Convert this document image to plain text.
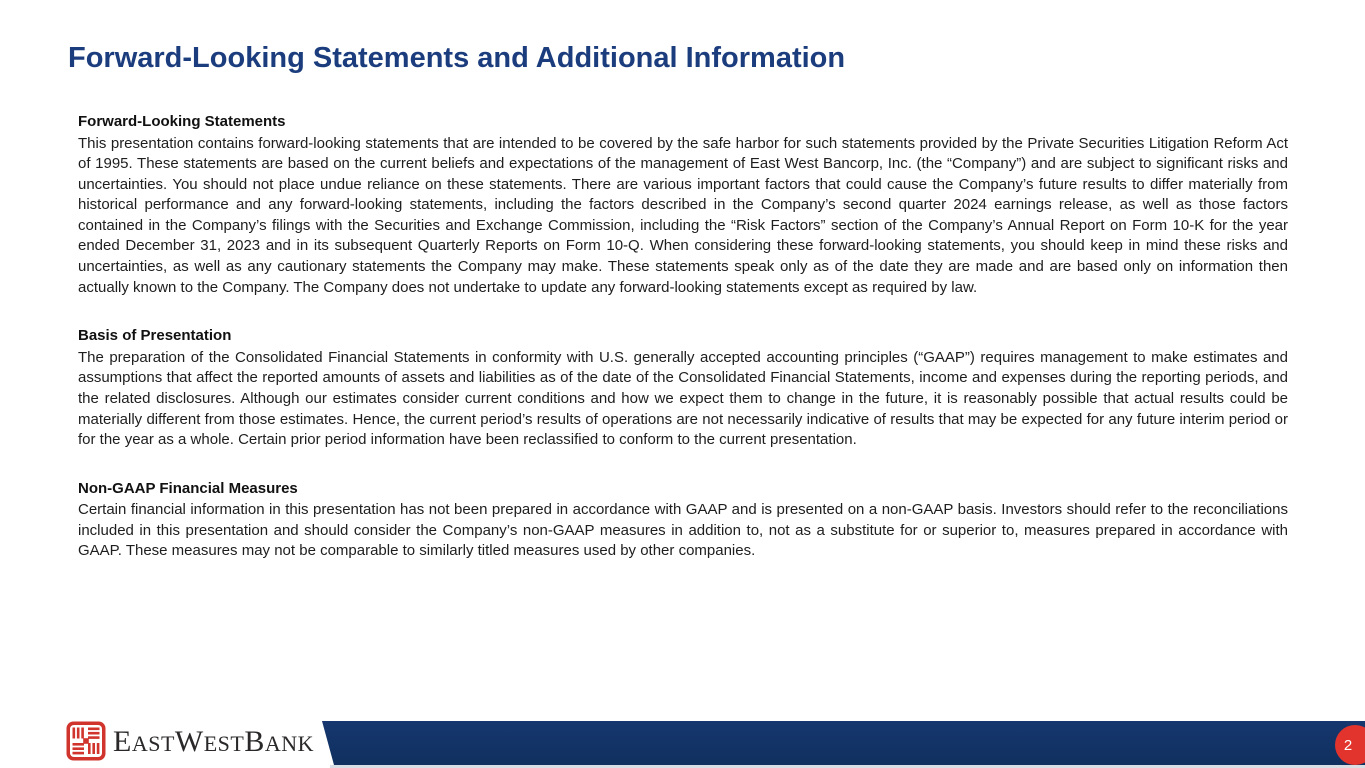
Forward-Looking Statements and Additional Information
Forward-Looking Statements

This presentation contains forward-looking statements that are intended to be covered by the safe harbor for such statements provided by the Private Securities Litigation Reform Act of 1995. These statements are based on the current beliefs and expectations of the management of East West Bancorp, Inc. (the “Company”) and are subject to significant risks and uncertainties. You should not place undue reliance on these statements. There are various important factors that could cause the Company’s future results to differ materially from historical performance and any forward-looking statements, including the factors described in the Company’s second quarter 2024 earnings release, as well as those factors contained in the Company’s filings with the Securities and Exchange Commission, including the “Risk Factors” section of the Company’s Annual Report on Form 10-K for the year ended December 31, 2023 and in its subsequent Quarterly Reports on Form 10-Q. When considering these forward-looking statements, you should keep in mind these risks and uncertainties, as well as any cautionary statements the Company may make. These statements speak only as of the date they are made and are based only on information then actually known to the Company. The Company does not undertake to update any forward-looking statements except as required by law.

Basis of Presentation

The preparation of the Consolidated Financial Statements in conformity with U.S. generally accepted accounting principles (“GAAP”) requires management to make estimates and assumptions that affect the reported amounts of assets and liabilities as of the date of the Consolidated Financial Statements, income and expenses during the reporting periods, and the related disclosures. Although our estimates consider current conditions and how we expect them to change in the future, it is reasonably possible that actual results could be materially different from those estimates. Hence, the current period’s results of operations are not necessarily indicative of results that may be expected for any future interim period or for the year as a whole. Certain prior period information have been reclassified to conform to the current presentation.

Non-GAAP Financial Measures

Certain financial information in this presentation has not been prepared in accordance with GAAP and is presented on a non-GAAP basis. Investors should refer to the reconciliations included in this presentation and should consider the Company’s non-GAAP measures in addition to, not as a substitute for or superior to, measures prepared in accordance with GAAP. These measures may not be comparable to similarly titled measures used by other companies.

EASTWESTBANK	2
